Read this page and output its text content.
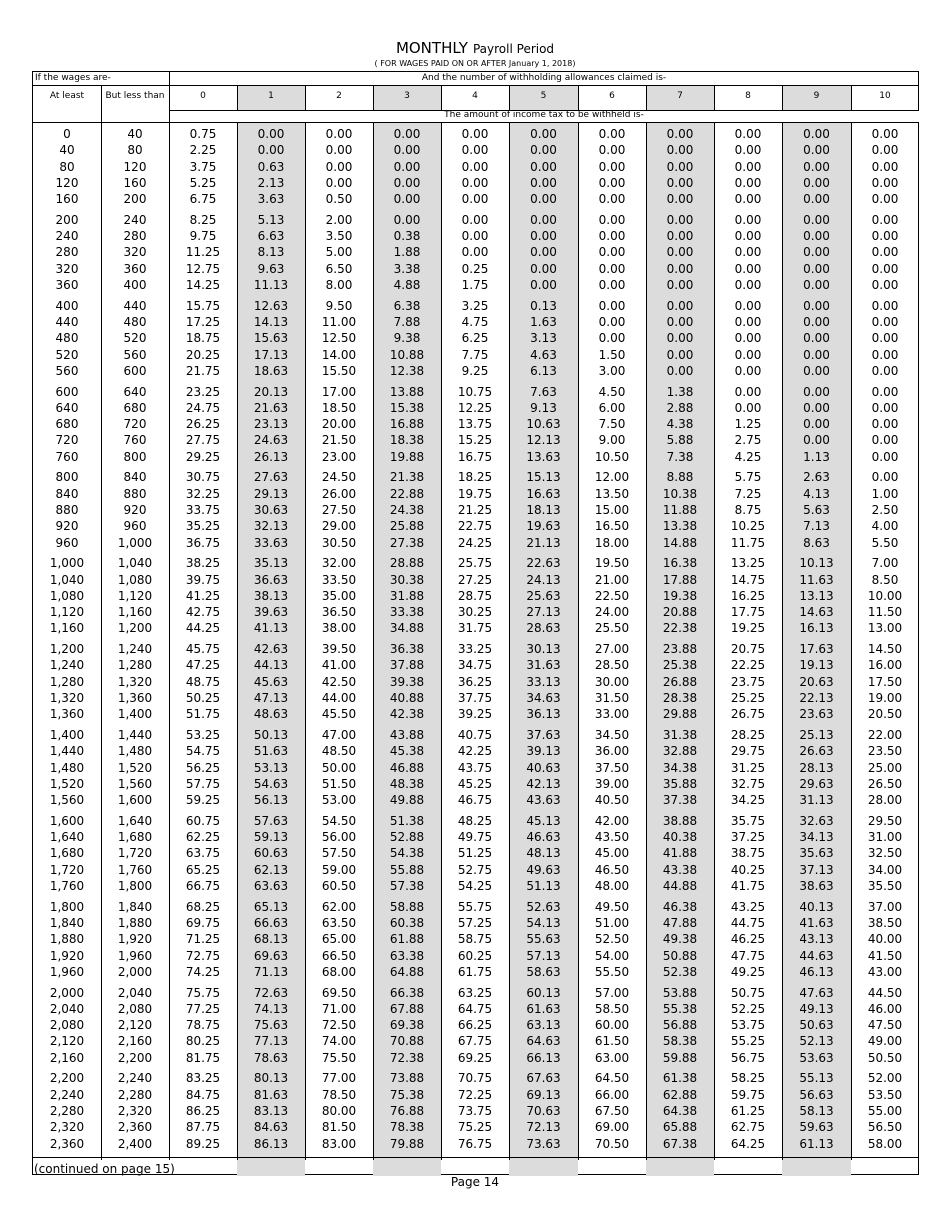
MONTHLY Payroll Period
( FOR WAGES PAID ON OR AFTER January 1, 2018)
If the wages are-	And the number of withholding allowances claimed is-
At least	But less than	0	1	2	3	4	5	6	7	8	9	10
The amount of income tax to be withheld is-
0	40	0.75	0.00	0.00	0.00	0.00	0.00	0.00	0.00	0.00	0.00	0.00
40	80	2.25	0.00	0.00	0.00	0.00	0.00	0.00	0.00	0.00	0.00	0.00
80	120	3.75	0.63	0.00	0.00	0.00	0.00	0.00	0.00	0.00	0.00	0.00
120	160	5.25	2.13	0.00	0.00	0.00	0.00	0.00	0.00	0.00	0.00	0.00
160	200	6.75	3.63	0.50	0.00	0.00	0.00	0.00	0.00	0.00	0.00	0.00
200	240	8.25	5.13	2.00	0.00	0.00	0.00	0.00	0.00	0.00	0.00	0.00
240	280	9.75	6.63	3.50	0.38	0.00	0.00	0.00	0.00	0.00	0.00	0.00
280	320	11.25	8.13	5.00	1.88	0.00	0.00	0.00	0.00	0.00	0.00	0.00
320	360	12.75	9.63	6.50	3.38	0.25	0.00	0.00	0.00	0.00	0.00	0.00
360	400	14.25	11.13	8.00	4.88	1.75	0.00	0.00	0.00	0.00	0.00	0.00
400	440	15.75	12.63	9.50	6.38	3.25	0.13	0.00	0.00	0.00	0.00	0.00
440	480	17.25	14.13	11.00	7.88	4.75	1.63	0.00	0.00	0.00	0.00	0.00
480	520	18.75	15.63	12.50	9.38	6.25	3.13	0.00	0.00	0.00	0.00	0.00
520	560	20.25	17.13	14.00	10.88	7.75	4.63	1.50	0.00	0.00	0.00	0.00
560	600	21.75	18.63	15.50	12.38	9.25	6.13	3.00	0.00	0.00	0.00	0.00
600	640	23.25	20.13	17.00	13.88	10.75	7.63	4.50	1.38	0.00	0.00	0.00
640	680	24.75	21.63	18.50	15.38	12.25	9.13	6.00	2.88	0.00	0.00	0.00
680	720	26.25	23.13	20.00	16.88	13.75	10.63	7.50	4.38	1.25	0.00	0.00
720	760	27.75	24.63	21.50	18.38	15.25	12.13	9.00	5.88	2.75	0.00	0.00
760	800	29.25	26.13	23.00	19.88	16.75	13.63	10.50	7.38	4.25	1.13	0.00
800	840	30.75	27.63	24.50	21.38	18.25	15.13	12.00	8.88	5.75	2.63	0.00
840	880	32.25	29.13	26.00	22.88	19.75	16.63	13.50	10.38	7.25	4.13	1.00
880	920	33.75	30.63	27.50	24.38	21.25	18.13	15.00	11.88	8.75	5.63	2.50
920	960	35.25	32.13	29.00	25.88	22.75	19.63	16.50	13.38	10.25	7.13	4.00
960	1,000	36.75	33.63	30.50	27.38	24.25	21.13	18.00	14.88	11.75	8.63	5.50
1,000	1,040	38.25	35.13	32.00	28.88	25.75	22.63	19.50	16.38	13.25	10.13	7.00
1,040	1,080	39.75	36.63	33.50	30.38	27.25	24.13	21.00	17.88	14.75	11.63	8.50
1,080	1,120	41.25	38.13	35.00	31.88	28.75	25.63	22.50	19.38	16.25	13.13	10.00
1,120	1,160	42.75	39.63	36.50	33.38	30.25	27.13	24.00	20.88	17.75	14.63	11.50
1,160	1,200	44.25	41.13	38.00	34.88	31.75	28.63	25.50	22.38	19.25	16.13	13.00
1,200	1,240	45.75	42.63	39.50	36.38	33.25	30.13	27.00	23.88	20.75	17.63	14.50
1,240	1,280	47.25	44.13	41.00	37.88	34.75	31.63	28.50	25.38	22.25	19.13	16.00
1,280	1,320	48.75	45.63	42.50	39.38	36.25	33.13	30.00	26.88	23.75	20.63	17.50
1,320	1,360	50.25	47.13	44.00	40.88	37.75	34.63	31.50	28.38	25.25	22.13	19.00
1,360	1,400	51.75	48.63	45.50	42.38	39.25	36.13	33.00	29.88	26.75	23.63	20.50
1,400	1,440	53.25	50.13	47.00	43.88	40.75	37.63	34.50	31.38	28.25	25.13	22.00
1,440	1,480	54.75	51.63	48.50	45.38	42.25	39.13	36.00	32.88	29.75	26.63	23.50
1,480	1,520	56.25	53.13	50.00	46.88	43.75	40.63	37.50	34.38	31.25	28.13	25.00
1,520	1,560	57.75	54.63	51.50	48.38	45.25	42.13	39.00	35.88	32.75	29.63	26.50
1,560	1,600	59.25	56.13	53.00	49.88	46.75	43.63	40.50	37.38	34.25	31.13	28.00
1,600	1,640	60.75	57.63	54.50	51.38	48.25	45.13	42.00	38.88	35.75	32.63	29.50
1,640	1,680	62.25	59.13	56.00	52.88	49.75	46.63	43.50	40.38	37.25	34.13	31.00
1,680	1,720	63.75	60.63	57.50	54.38	51.25	48.13	45.00	41.88	38.75	35.63	32.50
1,720	1,760	65.25	62.13	59.00	55.88	52.75	49.63	46.50	43.38	40.25	37.13	34.00
1,760	1,800	66.75	63.63	60.50	57.38	54.25	51.13	48.00	44.88	41.75	38.63	35.50
1,800	1,840	68.25	65.13	62.00	58.88	55.75	52.63	49.50	46.38	43.25	40.13	37.00
1,840	1,880	69.75	66.63	63.50	60.38	57.25	54.13	51.00	47.88	44.75	41.63	38.50
1,880	1,920	71.25	68.13	65.00	61.88	58.75	55.63	52.50	49.38	46.25	43.13	40.00
1,920	1,960	72.75	69.63	66.50	63.38	60.25	57.13	54.00	50.88	47.75	44.63	41.50
1,960	2,000	74.25	71.13	68.00	64.88	61.75	58.63	55.50	52.38	49.25	46.13	43.00
2,000	2,040	75.75	72.63	69.50	66.38	63.25	60.13	57.00	53.88	50.75	47.63	44.50
2,040	2,080	77.25	74.13	71.00	67.88	64.75	61.63	58.50	55.38	52.25	49.13	46.00
2,080	2,120	78.75	75.63	72.50	69.38	66.25	63.13	60.00	56.88	53.75	50.63	47.50
2,120	2,160	80.25	77.13	74.00	70.88	67.75	64.63	61.50	58.38	55.25	52.13	49.00
2,160	2,200	81.75	78.63	75.50	72.38	69.25	66.13	63.00	59.88	56.75	53.63	50.50
2,200	2,240	83.25	80.13	77.00	73.88	70.75	67.63	64.50	61.38	58.25	55.13	52.00
2,240	2,280	84.75	81.63	78.50	75.38	72.25	69.13	66.00	62.88	59.75	56.63	53.50
2,280	2,320	86.25	83.13	80.00	76.88	73.75	70.63	67.50	64.38	61.25	58.13	55.00
2,320	2,360	87.75	84.63	81.50	78.38	75.25	72.13	69.00	65.88	62.75	59.63	56.50
2,360	2,400	89.25	86.13	83.00	79.88	76.75	73.63	70.50	67.38	64.25	61.13	58.00
(continued on page 15)
Page 14
